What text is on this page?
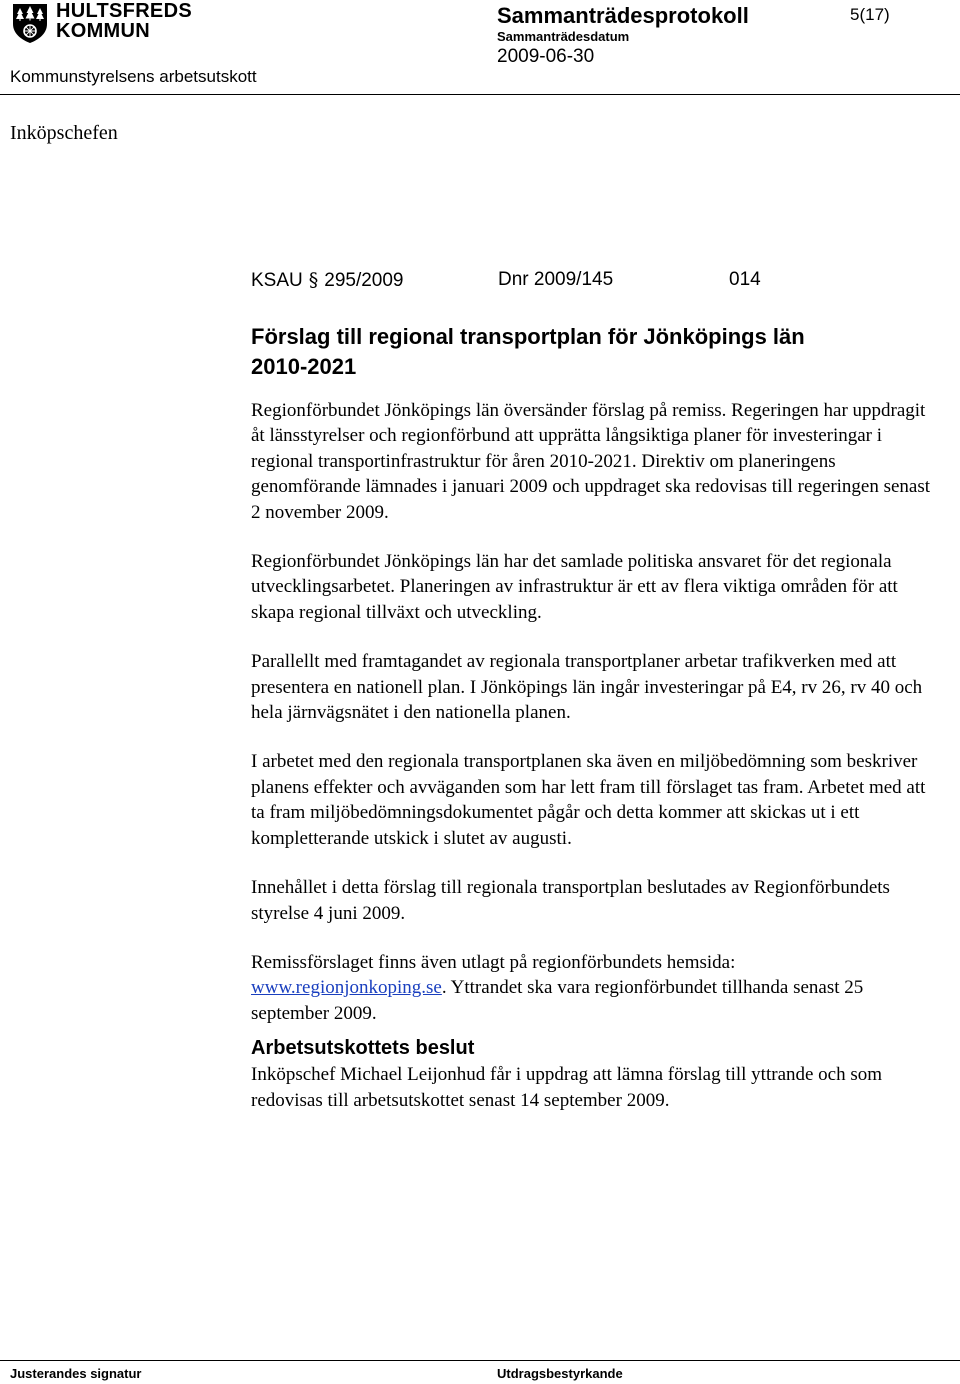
HULTSFREDS
KOMMUN
Sammanträdesprotokoll
Sammanträdesdatum
2009-06-30
5(17)
Kommunstyrelsens arbetsutskott
Inköpschefen
KSAU § 295/2009	Dnr 2009/145	014
Förslag till regional transportplan för Jönköpings län
2010-2021

Regionförbundet Jönköpings län översänder förslag på remiss. Regeringen har uppdragit åt länsstyrelser och regionförbund att upprätta långsiktiga planer för investeringar i regional transportinfrastruktur för åren 2010-2021. Direktiv om planeringens genomförande lämnades i januari 2009 och uppdraget ska redovisas till regeringen senast 2 november 2009.

Regionförbundet Jönköpings län har det samlade politiska ansvaret för det regionala utvecklingsarbetet. Planeringen av infrastruktur är ett av flera viktiga områden för att skapa regional tillväxt och utveckling.

Parallellt med framtagandet av regionala transportplaner arbetar trafikverken med att presentera en nationell plan. I Jönköpings län ingår investeringar på E4, rv 26, rv 40 och hela järnvägsnätet i den nationella planen.

I arbetet med den regionala transportplanen ska även en miljöbedömning som beskriver planens effekter och avväganden som har lett fram till förslaget tas fram. Arbetet med att ta fram miljöbedömningsdokumentet pågår och detta kommer att skickas ut i ett kompletterande utskick i slutet av augusti.

Innehållet i detta förslag till regionala transportplan beslutades av Regionförbundets styrelse 4 juni 2009.

Remissförslaget finns även utlagt på regionförbundets hemsida:
www.regionjonkoping.se. Yttrandet ska vara regionförbundet tillhanda senast 25 september 2009.

Arbetsutskottets beslut

Inköpschef Michael Leijonhud får i uppdrag att lämna förslag till yttrande och som redovisas till arbetsutskottet senast 14 september 2009.

Justerandes signatur	Utdragsbestyrkande
